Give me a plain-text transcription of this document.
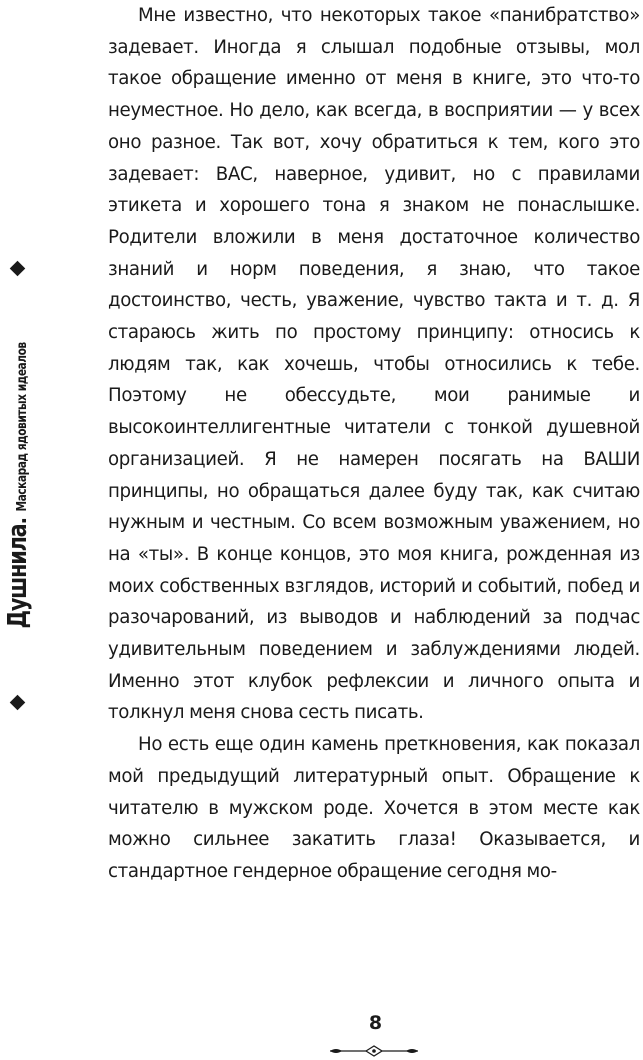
Душнила. Маскарад ядовитых идеалов

Мне известно, что некоторых такое «панибратство» задевает. Иногда я слышал подобные отзывы, мол такое обращение именно от меня в книге, это что-то неуместное. Но дело, как всегда, в восприятии — у всех оно разное. Так вот, хочу обратиться к тем, кого это задевает: ВАС, наверное, удивит, но с правилами этикета и хорошего тона я знаком не понаслышке. Родители вложили в меня достаточное количество знаний и норм поведения, я знаю, что такое достоинство, честь, уважение, чувство такта и т. д. Я стараюсь жить по простому принципу: относись к людям так, как хочешь, чтобы относились к тебе. Поэтому не обессудьте, мои ранимые и высокоинтеллигентные читатели с тонкой душевной организацией. Я не намерен посягать на ВАШИ принципы, но обращаться далее буду так, как считаю нужным и честным. Со всем возможным уважением, но на «ты». В конце концов, это моя книга, рожденная из моих собственных взглядов, историй и событий, побед и разочарований, из выводов и наблюдений за подчас удивительным поведением и заблуждениями людей. Именно этот клубок рефлексии и личного опыта и толкнул меня снова сесть писать.

Но есть еще один камень преткновения, как показал мой предыдущий литературный опыт. Обращение к читателю в мужском роде. Хочется в этом месте как можно сильнее закатить глаза! Оказывается, и стандартное гендерное обращение сегодня мо-

8
